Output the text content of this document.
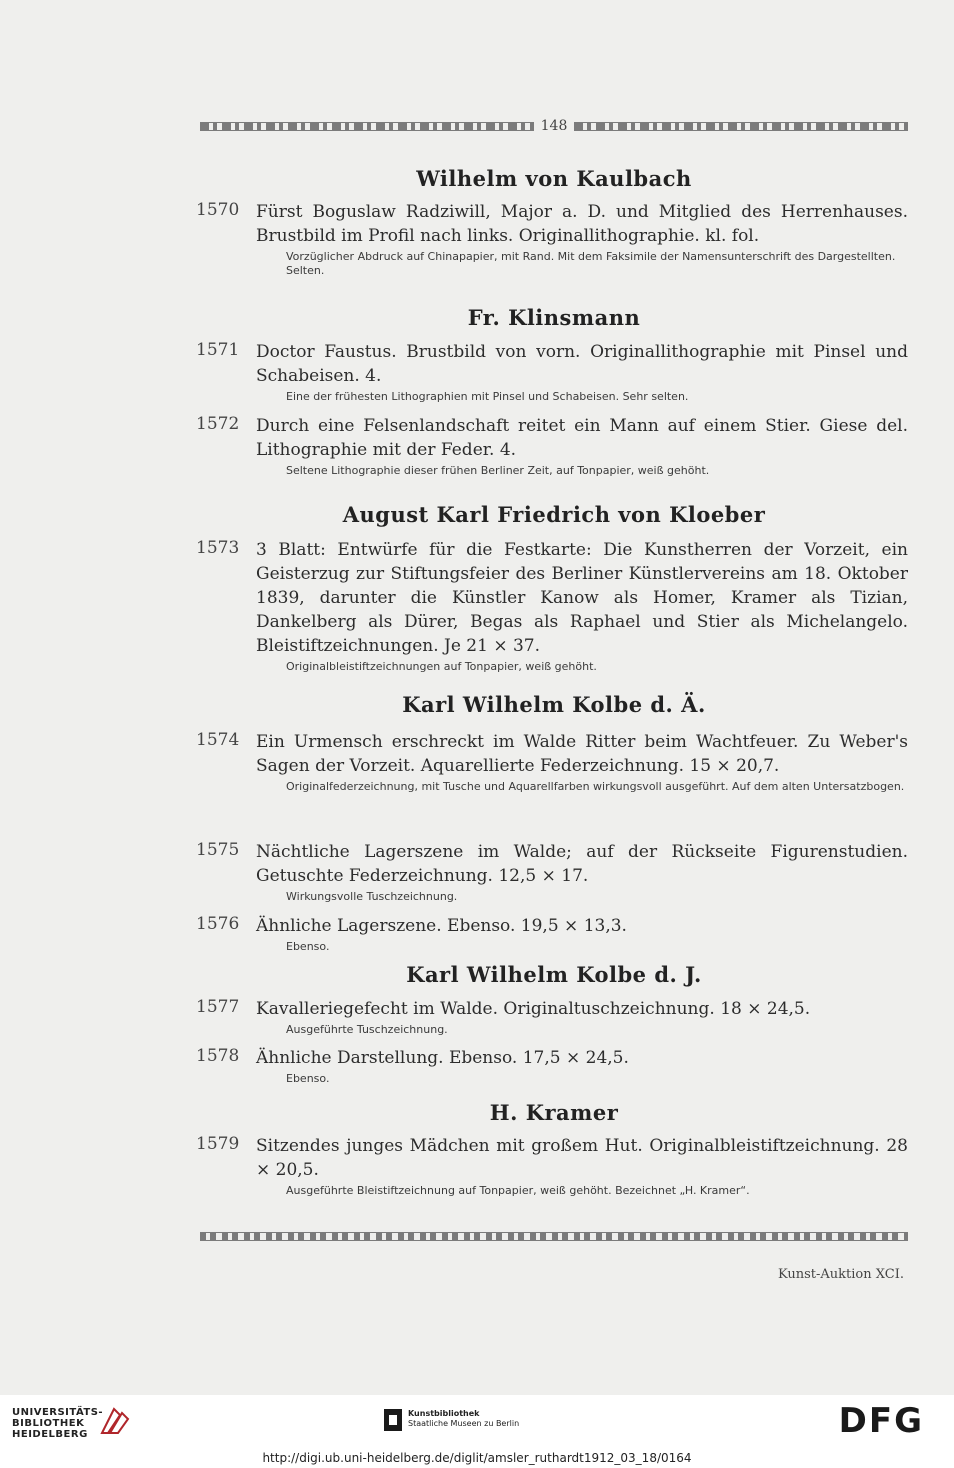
148
Wilhelm von Kaulbach
1570 Fürst Boguslaw Radziwill, Major a. D. und Mitglied des Herrenhauses. Brustbild im Profil nach links. Originallithographie. kl. fol.
Vorzüglicher Abdruck auf Chinapapier, mit Rand. Mit dem Faksimile der Namensunterschrift des Dargestellten. Selten.
Fr. Klinsmann
1571 Doctor Faustus. Brustbild von vorn. Originallithographie mit Pinsel und Schabeisen. 4.
Eine der frühesten Lithographien mit Pinsel und Schabeisen. Sehr selten.
1572 Durch eine Felsenlandschaft reitet ein Mann auf einem Stier. Giese del. Lithographie mit der Feder. 4.
Seltene Lithographie dieser frühen Berliner Zeit, auf Tonpapier, weiß gehöht.
August Karl Friedrich von Kloeber
1573 3 Blatt: Entwürfe für die Festkarte: Die Kunstherren der Vorzeit, ein Geisterzug zur Stiftungsfeier des Berliner Künstlervereins am 18. Oktober 1839, darunter die Künstler Kanow als Homer, Kramer als Tizian, Dankelberg als Dürer, Begas als Raphael und Stier als Michelangelo. Bleistiftzeichnungen. Je 21 × 37.
Originalbleistiftzeichnungen auf Tonpapier, weiß gehöht.
Karl Wilhelm Kolbe d. Ä.
1574 Ein Urmensch erschreckt im Walde Ritter beim Wachtfeuer. Zu Weber's Sagen der Vorzeit. Aquarellierte Federzeichnung. 15 × 20,7.
Originalfederzeichnung, mit Tusche und Aquarellfarben wirkungsvoll ausgeführt. Auf dem alten Untersatzbogen.
1575 Nächtliche Lagerszene im Walde; auf der Rückseite Figurenstudien. Getuschte Federzeichnung. 12,5 × 17.
Wirkungsvolle Tuschzeichnung.
1576 Ähnliche Lagerszene. Ebenso. 19,5 × 13,3.
Ebenso.
Karl Wilhelm Kolbe d. J.
1577 Kavalleriegefecht im Walde. Originaltuschzeichnung. 18 × 24,5.
Ausgeführte Tuschzeichnung.
1578 Ähnliche Darstellung. Ebenso. 17,5 × 24,5.
Ebenso.
H. Kramer
1579 Sitzendes junges Mädchen mit großem Hut. Originalbleistiftzeichnung. 28 × 20,5.
Ausgeführte Bleistiftzeichnung auf Tonpapier, weiß gehöht. Bezeichnet „H. Kramer“.
Kunst-Auktion XCI.
UNIVERSITÄTS-
BIBLIOTHEK
HEIDELBERG
Kunstbibliothek
Staatliche Museen zu Berlin	DFG
http://digi.ub.uni-heidelberg.de/diglit/amsler_ruthardt1912_03_18/0164
